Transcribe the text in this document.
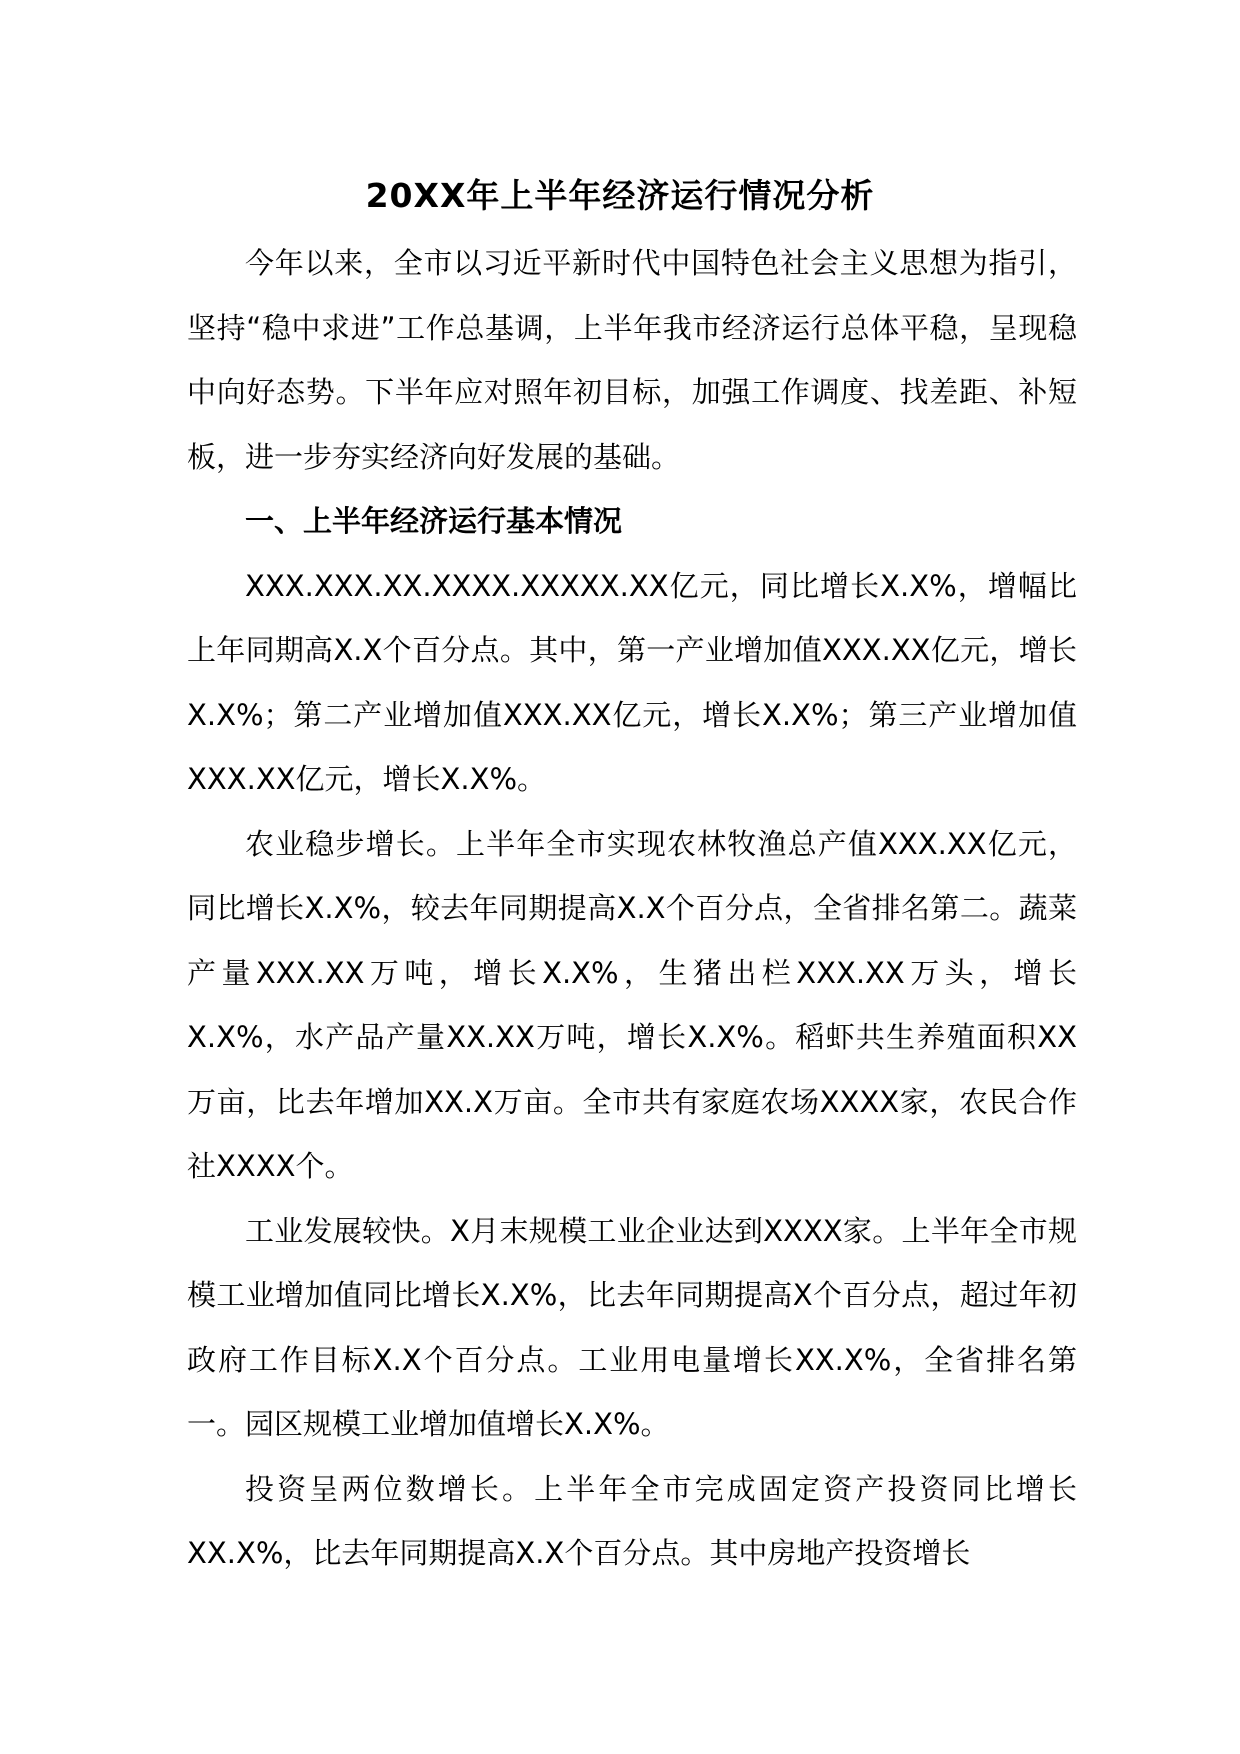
20XX年上半年经济运行情况分析

今年以来，全市以习近平新时代中国特色社会主义思想为指引，坚持“稳中求进”工作总基调，上半年我市经济运行总体平稳，呈现稳中向好态势。下半年应对照年初目标，加强工作调度、找差距、补短板，进一步夯实经济向好发展的基础。

一、上半年经济运行基本情况

XXX.XXX.XX.XXXX.XXXXX.XX亿元，同比增长X.X%，增幅比上年同期高X.X个百分点。其中，第一产业增加值XXX.XX亿元，增长X.X%；第二产业增加值XXX.XX亿元，增长X.X%；第三产业增加值XXX.XX亿元，增长X.X%。

农业稳步增长。上半年全市实现农林牧渔总产值XXX.XX亿元，同比增长X.X%，较去年同期提高X.X个百分点，全省排名第二。蔬菜产量XXX.XX万吨，增长X.X%，生猪出栏XXX.XX万头，增长X.X%，水产品产量XX.XX万吨，增长X.X%。稻虾共生养殖面积XX万亩，比去年增加XX.X万亩。全市共有家庭农场XXXX家，农民合作社XXXX个。

工业发展较快。X月末规模工业企业达到XXXX家。上半年全市规模工业增加值同比增长X.X%，比去年同期提高X个百分点，超过年初政府工作目标X.X个百分点。工业用电量增长XX.X%，全省排名第一。园区规模工业增加值增长X.X%。

投资呈两位数增长。上半年全市完成固定资产投资同比增长XX.X%，比去年同期提高X.X个百分点。其中房地产投资增长
